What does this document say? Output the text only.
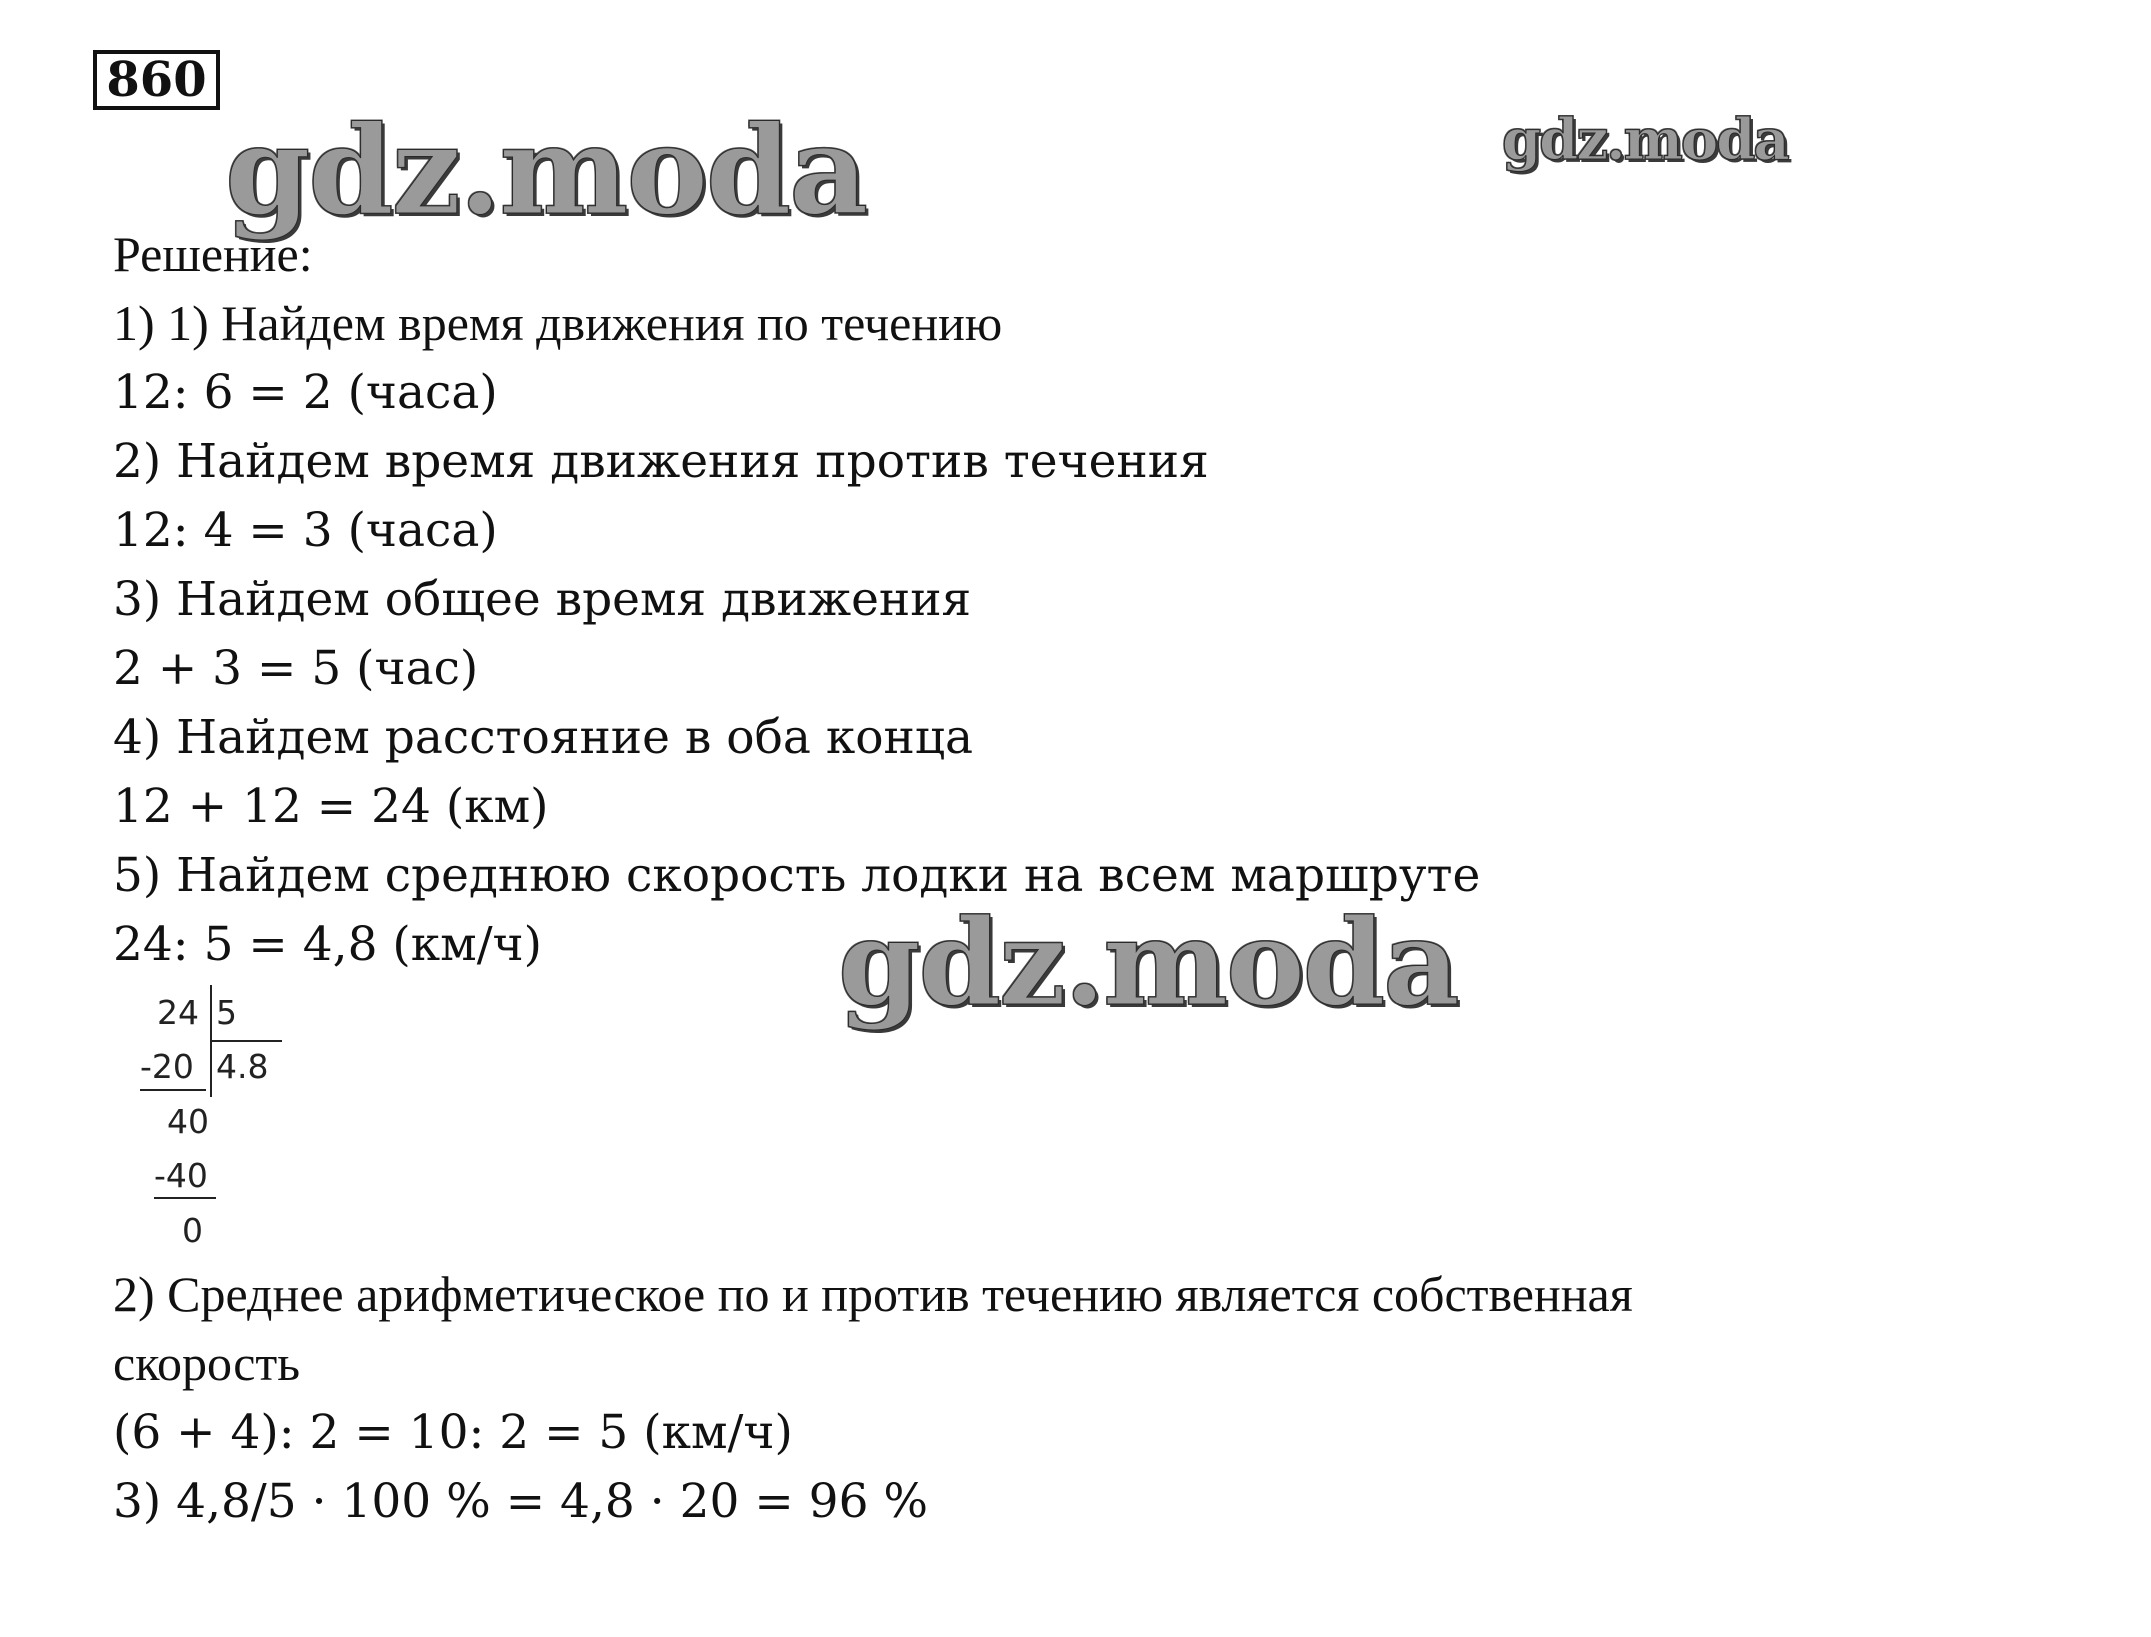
860
gdz.moda	gdz.moda
gdz.moda
Решение:
1) 1) Найдем время движения по течению
12: 6 = 2 (часа)
2) Найдем время движения против течения
12: 4 = 3 (часа)
3) Найдем общее время движения
2 + 3 = 5 (час)
4) Найдем расстояние в оба конца
12 + 12 = 24 (км)
5) Найдем среднюю скорость лодки на всем маршруте
24: 5 = 4,8 (км/ч)
24 5
-20 4.8
40
-40
0
2) Среднее арифметическое по и против течению является собственная
скорость
(6 + 4): 2 = 10: 2 = 5 (км/ч)
3) 4,8/5 · 100 % = 4,8 · 20 = 96 %
